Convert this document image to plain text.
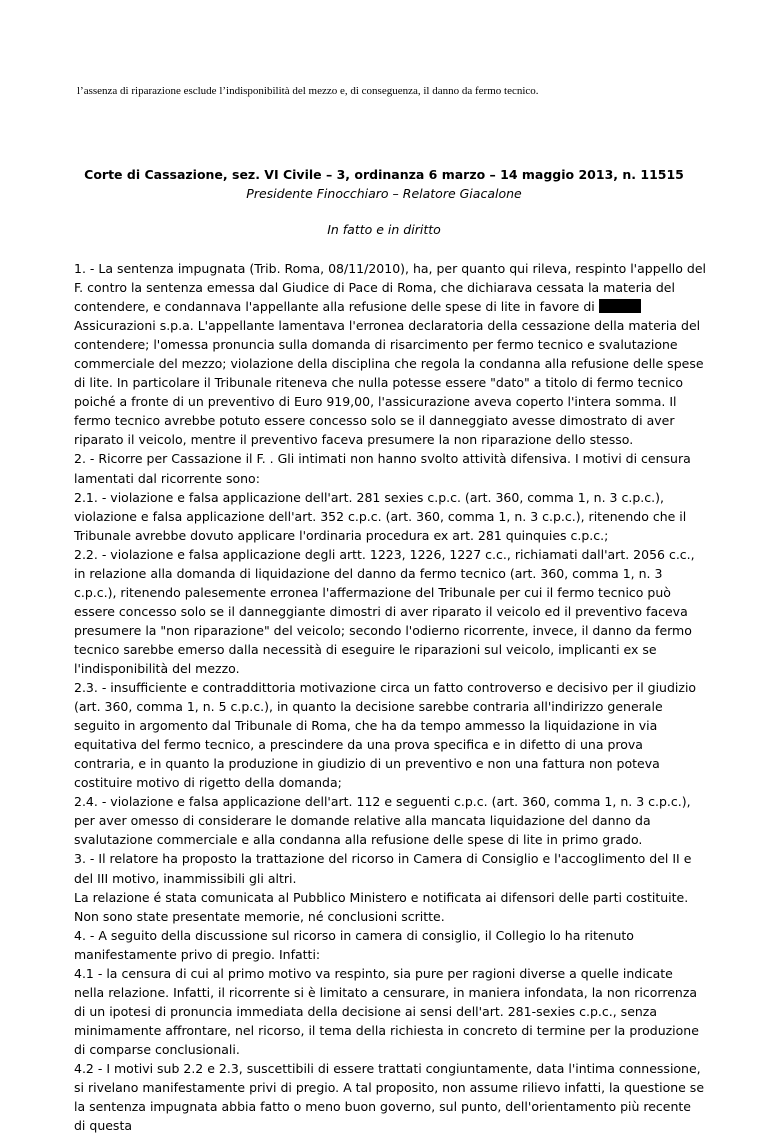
l’assenza di riparazione esclude l’indisponibilità del mezzo e, di conseguenza, il danno da fermo tecnico.

Corte di Cassazione, sez. VI Civile – 3, ordinanza 6 marzo – 14 maggio 2013, n. 11515

Presidente Finocchiaro – Relatore Giacalone

In fatto e in diritto

1. - La sentenza impugnata (Trib. Roma, 08/11/2010), ha, per quanto qui rileva, respinto l'appello del F. contro la sentenza emessa dal Giudice di Pace di Roma, che dichiarava cessata la materia del contendere, e condannava l'appellante alla refusione delle spese di lite in favore di Assicurazioni s.p.a. L'appellante lamentava l'erronea declaratoria della cessazione della materia del contendere; l'omessa pronuncia sulla domanda di risarcimento per fermo tecnico e svalutazione commerciale del mezzo; violazione della disciplina che regola la condanna alla refusione delle spese di lite. In particolare il Tribunale riteneva che nulla potesse essere "dato" a titolo di fermo tecnico poiché a fronte di un preventivo di Euro 919,00, l'assicurazione aveva coperto l'intera somma. Il fermo tecnico avrebbe potuto essere concesso solo se il danneggiato avesse dimostrato di aver riparato il veicolo, mentre il preventivo faceva presumere la non riparazione dello stesso.

2. - Ricorre per Cassazione il F. . Gli intimati non hanno svolto attività difensiva. I motivi di censura lamentati dal ricorrente sono:

2.1. - violazione e falsa applicazione dell'art. 281 sexies c.p.c. (art. 360, comma 1, n. 3 c.p.c.), violazione e falsa applicazione dell'art. 352 c.p.c. (art. 360, comma 1, n. 3 c.p.c.), ritenendo che il Tribunale avrebbe dovuto applicare l'ordinaria procedura ex art. 281 quinquies c.p.c.;

2.2. - violazione e falsa applicazione degli artt. 1223, 1226, 1227 c.c., richiamati dall'art. 2056 c.c., in relazione alla domanda di liquidazione del danno da fermo tecnico (art. 360, comma 1, n. 3 c.p.c.), ritenendo palesemente erronea l'affermazione del Tribunale per cui il fermo tecnico può essere concesso solo se il danneggiante dimostri di aver riparato il veicolo ed il preventivo faceva presumere la "non riparazione" del veicolo; secondo l'odierno ricorrente, invece, il danno da fermo tecnico sarebbe emerso dalla necessità di eseguire le riparazioni sul veicolo, implicanti ex se l'indisponibilità del mezzo.

2.3. - insufficiente e contraddittoria motivazione circa un fatto controverso e decisivo per il giudizio (art. 360, comma 1, n. 5 c.p.c.), in quanto la decisione sarebbe contraria all'indirizzo generale seguito in argomento dal Tribunale di Roma, che ha da tempo ammesso la liquidazione in via equitativa del fermo tecnico, a prescindere da una prova specifica e in difetto di una prova contraria, e in quanto la produzione in giudizio di un preventivo e non una fattura non poteva costituire motivo di rigetto della domanda;

2.4. - violazione e falsa applicazione dell'art. 112 e seguenti c.p.c. (art. 360, comma 1, n. 3 c.p.c.), per aver omesso di considerare le domande relative alla mancata liquidazione del danno da svalutazione commerciale e alla condanna alla refusione delle spese di lite in primo grado.

3. - Il relatore ha proposto la trattazione del ricorso in Camera di Consiglio e l'accoglimento del II e del III motivo, inammissibili gli altri.

La relazione é stata comunicata al Pubblico Ministero e notificata ai difensori delle parti costituite.

Non sono state presentate memorie, né conclusioni scritte.

4. - A seguito della discussione sul ricorso in camera di consiglio, il Collegio lo ha ritenuto manifestamente privo di pregio. Infatti:

4.1 - la censura di cui al primo motivo va respinto, sia pure per ragioni diverse a quelle indicate nella relazione. Infatti, il ricorrente si è limitato a censurare, in maniera infondata, la non ricorrenza di un ipotesi di pronuncia immediata della decisione ai sensi dell'art. 281-sexies c.p.c., senza minimamente affrontare, nel ricorso, il tema della richiesta in concreto di termine per la produzione di comparse conclusionali.

4.2 - I motivi sub 2.2 e 2.3, suscettibili di essere trattati congiuntamente, data l'intima connessione, si rivelano manifestamente privi di pregio. A tal proposito, non assume rilievo infatti, la questione se la sentenza impugnata abbia fatto o meno buon governo, sul punto, dell'orientamento più recente di questa
